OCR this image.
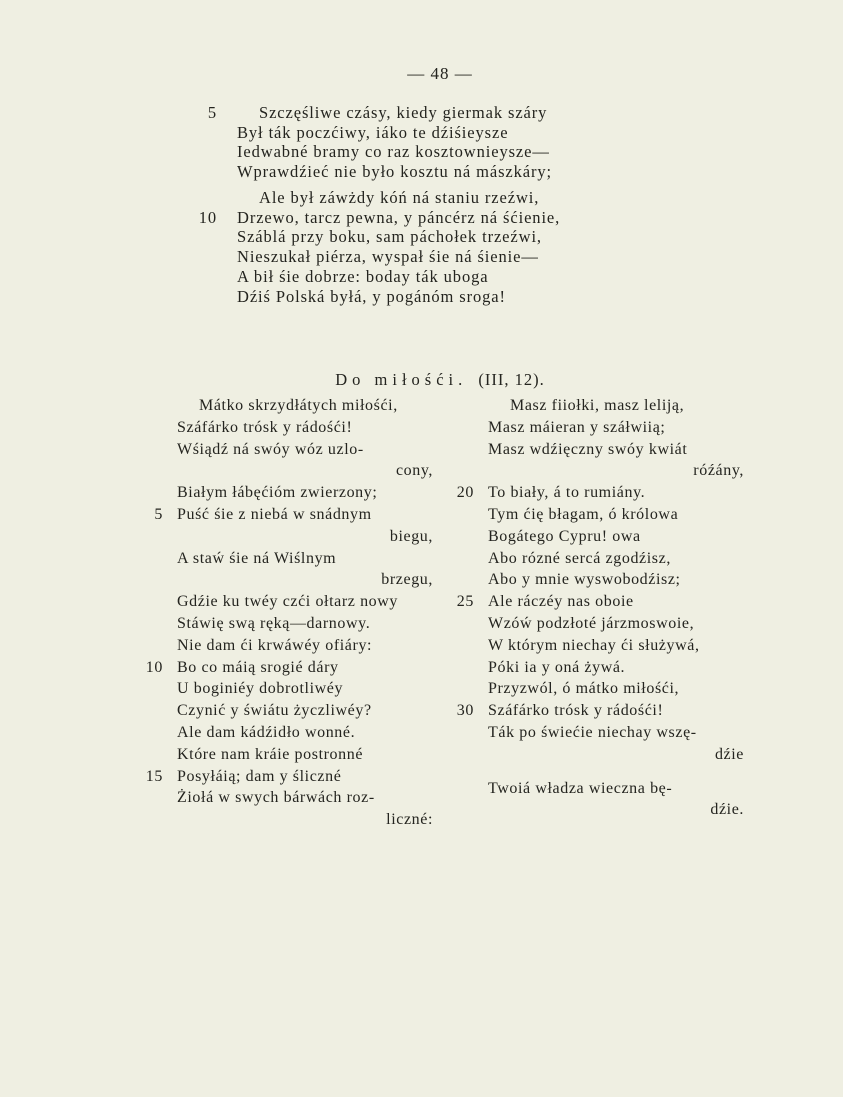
— 48 —
5	Szczęśliwe czásy, kiedy giermak száry
Był ták poczćiwy, iáko te dźiśieysze
Iedwabné bramy co raz kosztownieysze—
Wprawdźieć nie było kosztu ná mászkáry;
Ale był záwżdy kóń ná staniu rzeźwi,
10 Drzewo, tarcz pewna, y páncérz ná śćienie,
Száblá przy boku, sam páchołek trzeźwi,
Nieszukał piérza, wyspał śie ná śienie—
A bił śie dobrze: boday ták uboga
Dźiś Polská byłá, y pogánóm sroga!
Do miłośći. (III, 12).
Mátko skrzydłátych miłośći,
Száfárko trósk y rádośći!
Wśiądź ná swóy wóz uzlo-
cony,
Białym łábęćióm zwierzony;
5 Puść śie z niebá w snádnym
biegu,
A staẃ śie ná Wiślnym
brzegu,
Gdźie ku twéy czći ołtarz nowy
Stáwię swą ręką—darnowy.
Nie dam ći krwáwéy ofiáry:
10 Bo co máią srogié dáry
U boginiéy dobrotliwéy
Czynić y świátu życzliwéy?
Ale dam kádźidło wonné.
Które nam kráie postronné
15 Posyłáią; dam y śliczné
Żiołá w swych bárwách roz-
liczné:
Masz fiiołki, masz leliją,
Masz máieran y száłwiią;
Masz wdźięczny swóy kwiát
róźány,
20 To biały, á to rumiány.
Tym ćię błagam, ó królowa
Bogátego Cypru! owa
Abo rózné sercá zgodźisz,
Abo y mnie wyswobodźisz;
25 Ale ráczéy nas oboie
Wzóẃ podzłoté járzmoswoie,
W którym niechay ći służywá,
Póki ia y oná żywá.
Przyzwól, ó mátko miłośći,
30 Száfárko trósk y rádośći!
Ták po świećie niechay wszę-
dźie
Twoiá władza wieczna bę-
dźie.
